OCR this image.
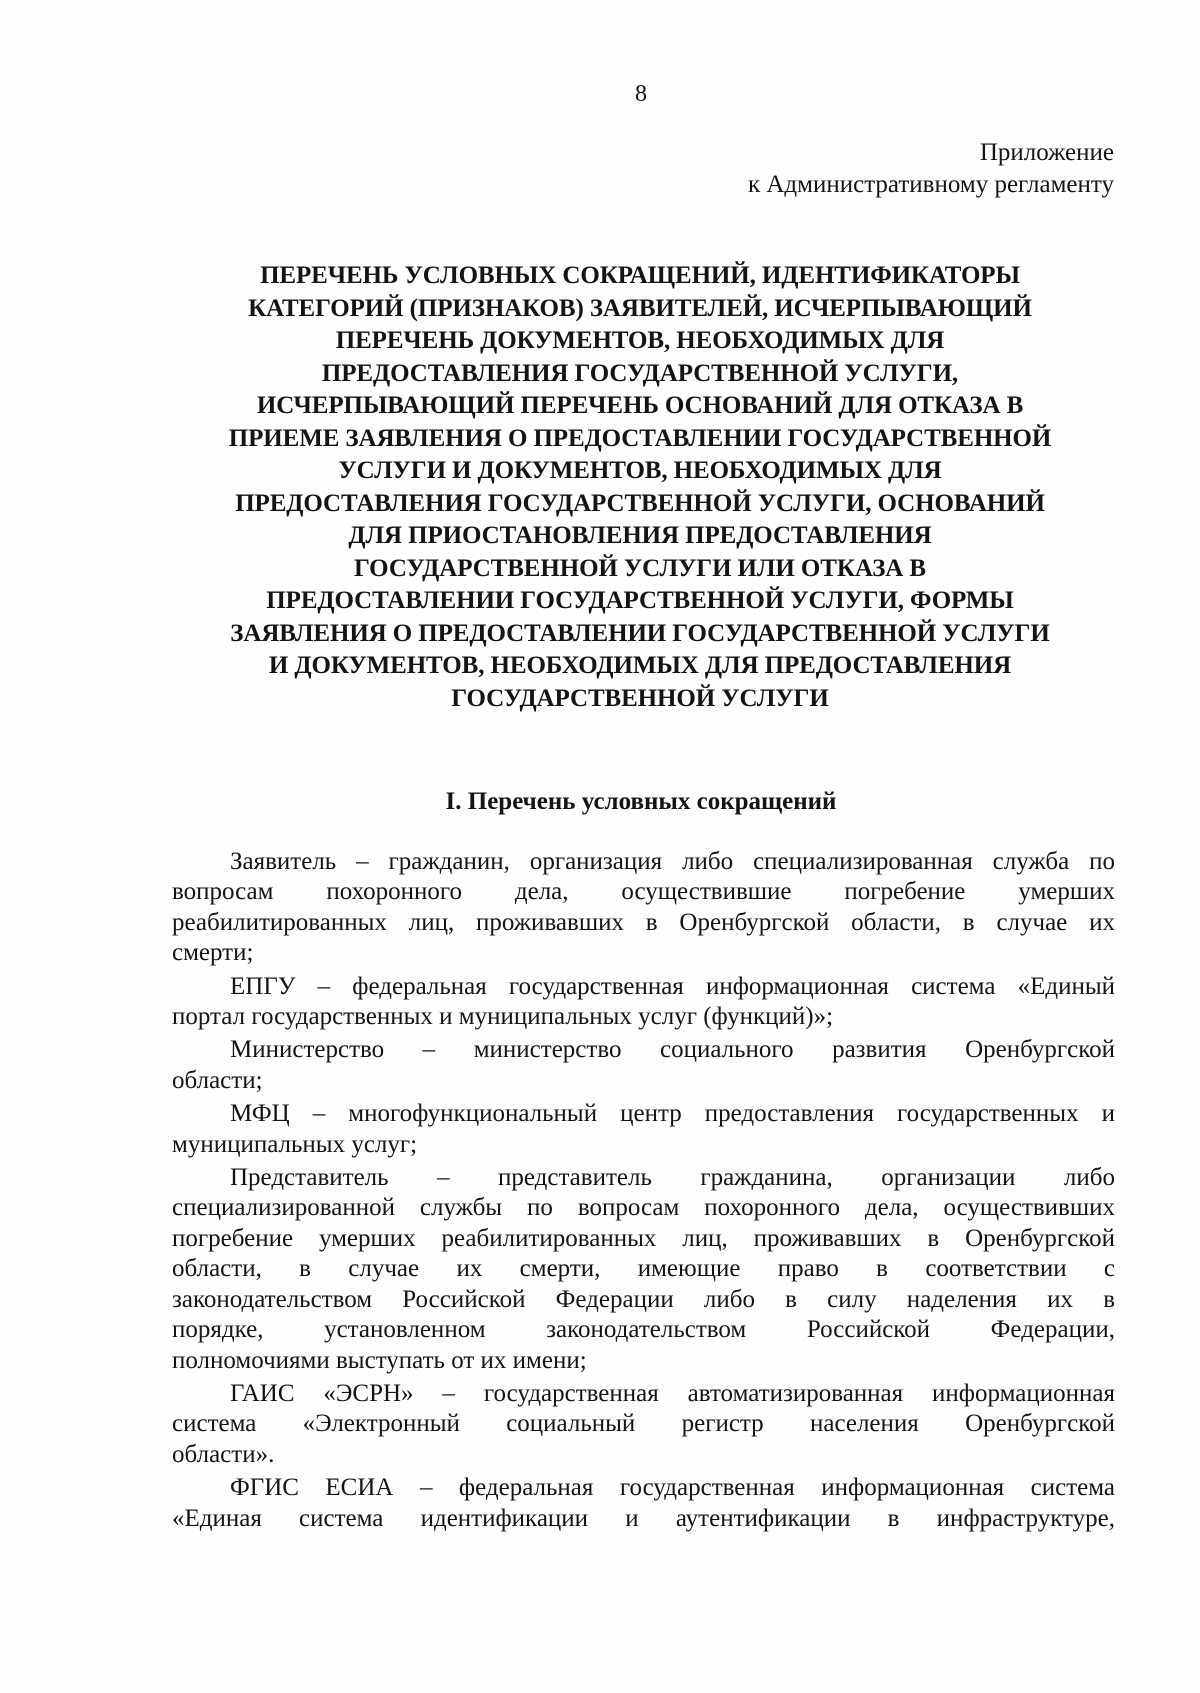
8
Приложение
к Административному регламенту
ПЕРЕЧЕНЬ УСЛОВНЫХ СОКРАЩЕНИЙ, ИДЕНТИФИКАТОРЫ
КАТЕГОРИЙ (ПРИЗНАКОВ) ЗАЯВИТЕЛЕЙ, ИСЧЕРПЫВАЮЩИЙ
ПЕРЕЧЕНЬ ДОКУМЕНТОВ, НЕОБХОДИМЫХ ДЛЯ
ПРЕДОСТАВЛЕНИЯ ГОСУДАРСТВЕННОЙ УСЛУГИ,
ИСЧЕРПЫВАЮЩИЙ ПЕРЕЧЕНЬ ОСНОВАНИЙ ДЛЯ ОТКАЗА В
ПРИЕМЕ ЗАЯВЛЕНИЯ О ПРЕДОСТАВЛЕНИИ ГОСУДАРСТВЕННОЙ
УСЛУГИ И ДОКУМЕНТОВ, НЕОБХОДИМЫХ ДЛЯ
ПРЕДОСТАВЛЕНИЯ ГОСУДАРСТВЕННОЙ УСЛУГИ, ОСНОВАНИЙ
ДЛЯ ПРИОСТАНОВЛЕНИЯ ПРЕДОСТАВЛЕНИЯ
ГОСУДАРСТВЕННОЙ УСЛУГИ ИЛИ ОТКАЗА В
ПРЕДОСТАВЛЕНИИ ГОСУДАРСТВЕННОЙ УСЛУГИ, ФОРМЫ
ЗАЯВЛЕНИЯ О ПРЕДОСТАВЛЕНИИ ГОСУДАРСТВЕННОЙ УСЛУГИ
И ДОКУМЕНТОВ, НЕОБХОДИМЫХ ДЛЯ ПРЕДОСТАВЛЕНИЯ
ГОСУДАРСТВЕННОЙ УСЛУГИ
I. Перечень условных сокращений
Заявитель – гражданин, организация либо специализированная служба по
вопросам похоронного дела, осуществившие погребение умерших
реабилитированных лиц, проживавших в Оренбургской области, в случае их
смерти;
ЕПГУ – федеральная государственная информационная система «Единый
портал государственных и муниципальных услуг (функций)»;
Министерство – министерство социального развития Оренбургской
области;
МФЦ – многофункциональный центр предоставления государственных и
муниципальных услуг;
Представитель – представитель гражданина, организации либо
специализированной службы по вопросам похоронного дела, осуществивших
погребение умерших реабилитированных лиц, проживавших в Оренбургской
области, в случае их смерти, имеющие право в соответствии с
законодательством Российской Федерации либо в силу наделения их в
порядке, установленном законодательством Российской Федерации,
полномочиями выступать от их имени;
ГАИС «ЭСРН» – государственная автоматизированная информационная
система «Электронный социальный регистр населения Оренбургской
области».
ФГИС ЕСИА – федеральная государственная информационная система
«Единая система идентификации и аутентификации в инфраструктуре,
